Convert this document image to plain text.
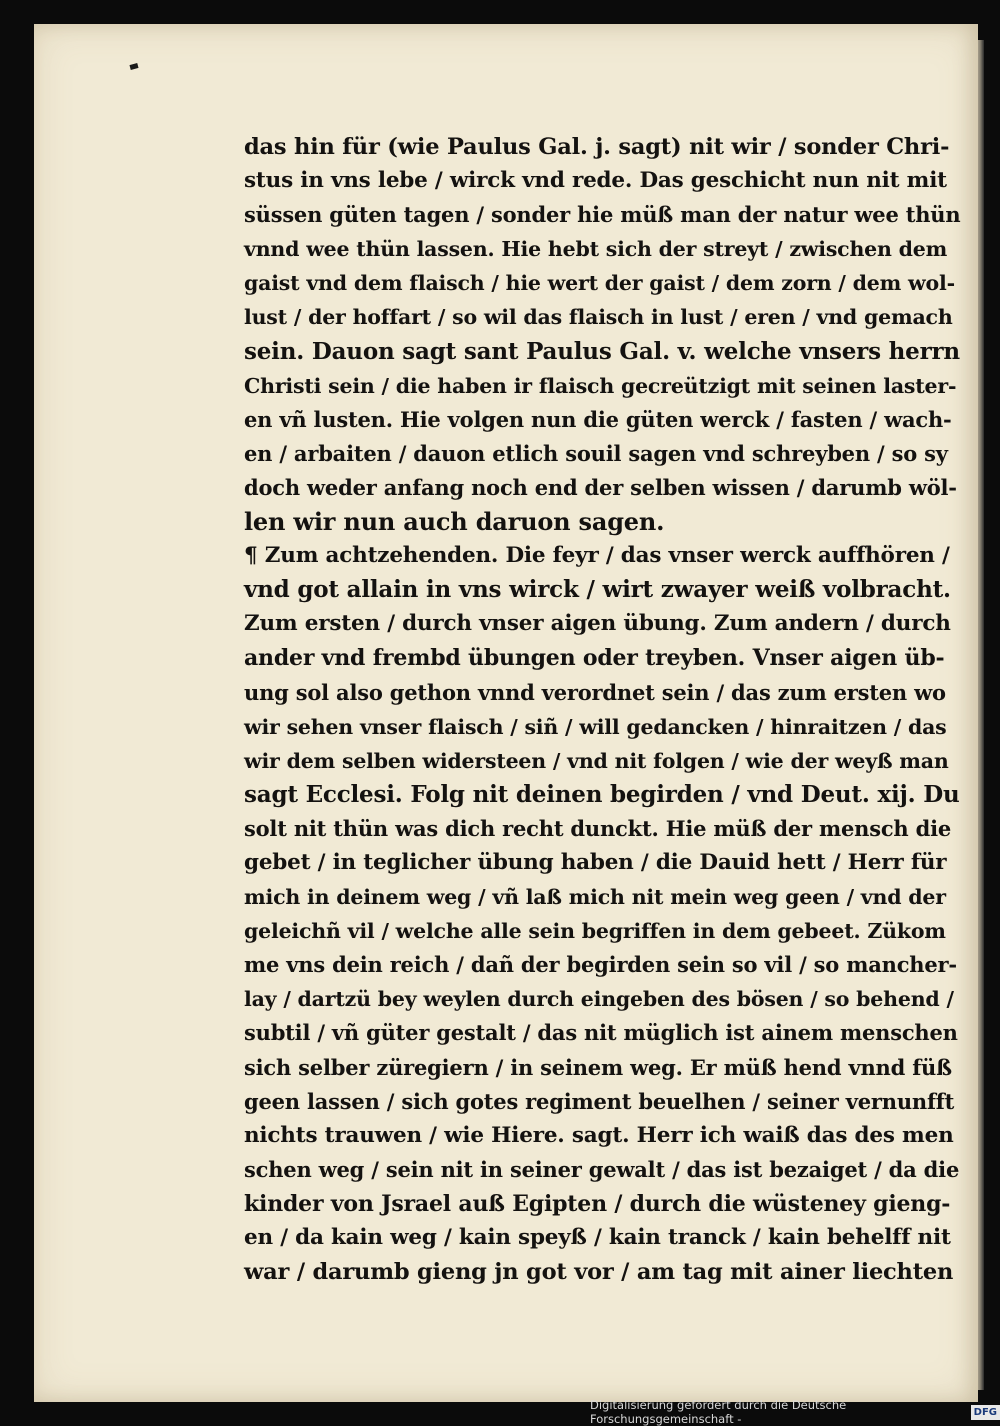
das hin für (wie Paulus Gal. j. sagt) nit wir / sonder Chri-
stus in vns lebe / wirck vnd rede. Das geschicht nun nit mit
süssen güten tagen / sonder hie müß man der natur wee thün
vnnd wee thün lassen. Hie hebt sich der streyt / zwischen dem
gaist vnd dem flaisch / hie wert der gaist / dem zorn / dem wol-
lust / der hoffart / so wil das flaisch in lust / eren / vnd gemach
sein. Dauon sagt sant Paulus Gal. v. welche vnsers herrn
Christi sein / die haben ir flaisch gecreützigt mit seinen laster-
en vñ lusten. Hie volgen nun die güten werck / fasten / wach-
en / arbaiten / dauon etlich souil sagen vnd schreyben / so sy
doch weder anfang noch end der selben wissen / darumb wöl-
len wir nun auch daruon sagen.
¶ Zum achtzehenden. Die feyr / das vnser werck auffhören /
vnd got allain in vns wirck / wirt zwayer weiß volbracht.
Zum ersten / durch vnser aigen übung. Zum andern / durch
ander vnd frembd übungen oder treyben. Vnser aigen üb-
ung sol also gethon vnnd verordnet sein / das zum ersten wo
wir sehen vnser flaisch / siñ / will gedancken / hinraitzen / das
wir dem selben widersteen / vnd nit folgen / wie der weyß man
sagt Ecclesi. Folg nit deinen begirden / vnd Deut. xij. Du
solt nit thün was dich recht dunckt. Hie müß der mensch die
gebet / in teglicher übung haben / die Dauid hett / Herr für
mich in deinem weg / vñ laß mich nit mein weg geen / vnd der
geleichñ vil / welche alle sein begriffen in dem gebeet. Zükom
me vns dein reich / dañ der begirden sein so vil / so mancher-
lay / dartzü bey weylen durch eingeben des bösen / so behend /
subtil / vñ güter gestalt / das nit müglich ist ainem menschen
sich selber züregiern / in seinem weg. Er müß hend vnnd füß
geen lassen / sich gotes regiment beuelhen / seiner vernunfft
nichts trauwen / wie Hiere. sagt. Herr ich waiß das des men
schen weg / sein nit in seiner gewalt / das ist bezaiget / da die
kinder von Jsrael auß Egipten / durch die wüsteney gieng-
en / da kain weg / kain speyß / kain tranck / kain behelff nit
war / darumb gieng jn got vor / am tag mit ainer liechten
Digitalisierung gefördert durch die Deutsche Forschungsgemeinschaft -	DFG
